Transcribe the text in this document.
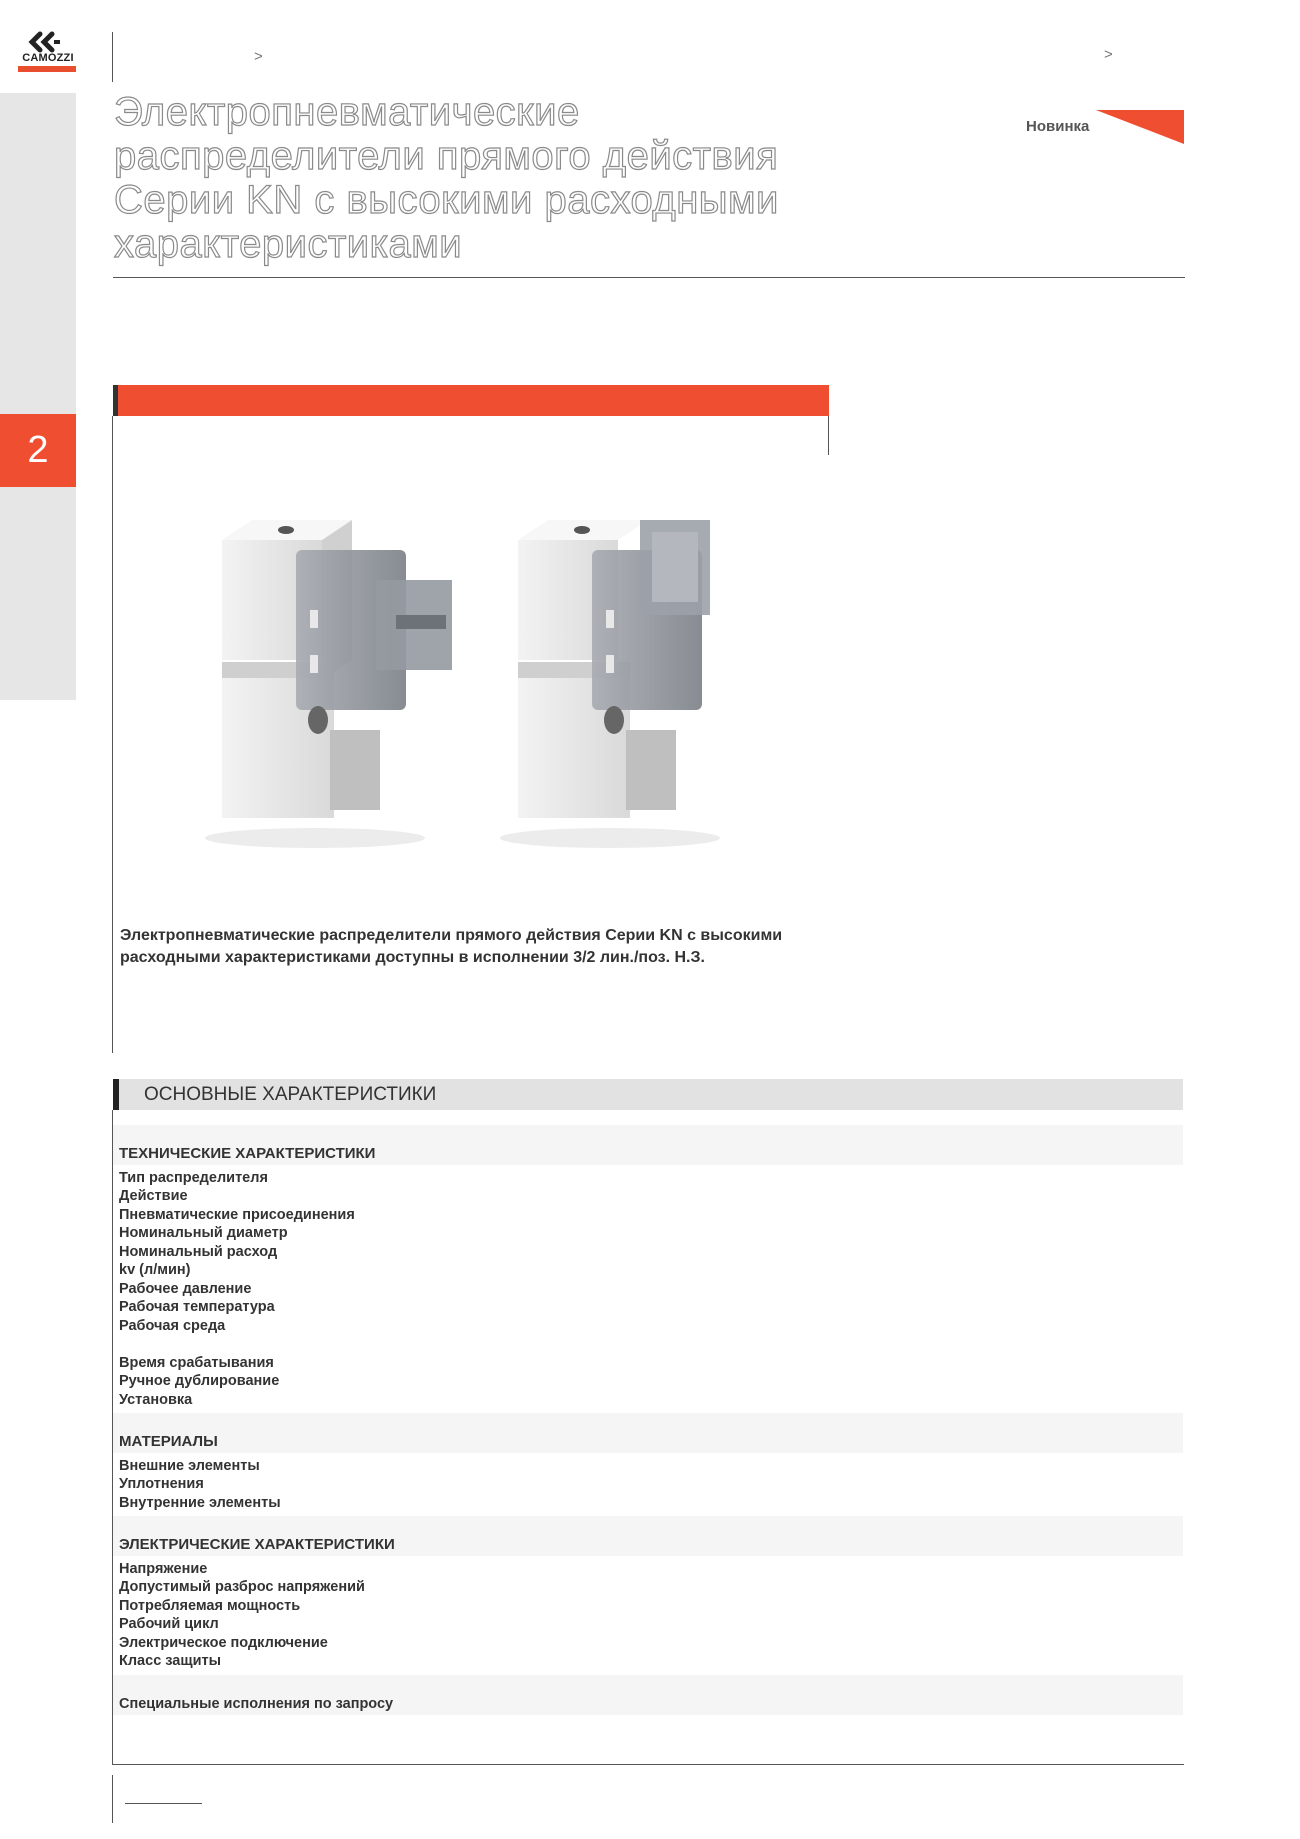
CAMOZZI
2
>	>
Электропневматические
распределители прямого действия
Серии KN с высокими расходными
характеристиками
Новинка
Электропневматические распределители прямого действия Серии KN с высокими
расходными характеристиками доступны в исполнении 3/2 лин./поз. Н.З.
ОСНОВНЫЕ ХАРАКТЕРИСТИКИ
ТЕХНИЧЕСКИЕ ХАРАКТЕРИСТИКИ
Тип распределителя
Действие
Пневматические присоединения
Номинальный диаметр
Номинальный расход
kv (л/мин)
Рабочее давление
Рабочая температура
Рабочая среда
Время срабатывания
Ручное дублирование
Установка
МАТЕРИАЛЫ
Внешние элементы
Уплотнения
Внутренние элементы
ЭЛЕКТРИЧЕСКИЕ ХАРАКТЕРИСТИКИ
Напряжение
Допустимый разброс напряжений
Потребляемая мощность
Рабочий цикл
Электрическое подключение
Класс защиты
Специальные исполнения по запросу
